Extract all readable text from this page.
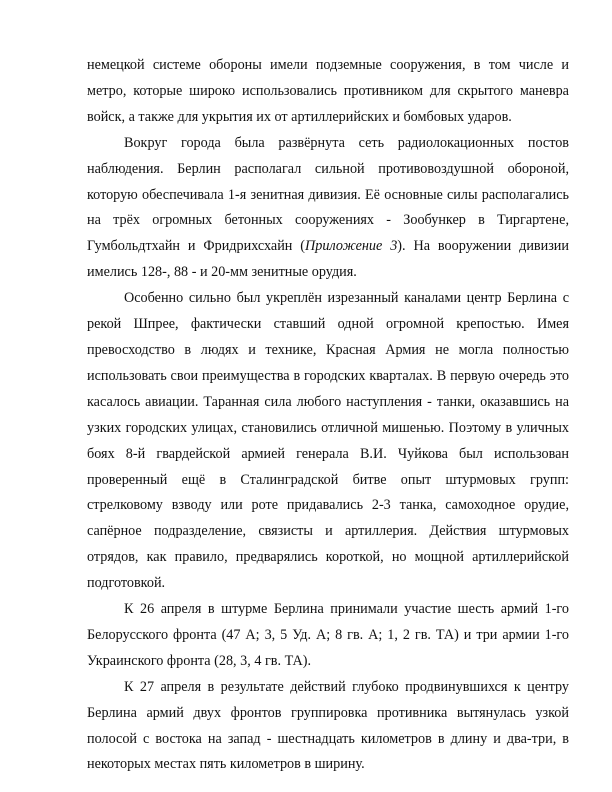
немецкой системе обороны имели подземные сооружения, в том числе и метро, которые широко использовались противником для скрытого маневра войск, а также для укрытия их от артиллерийских и бомбовых ударов.

Вокруг города была развёрнута сеть радиолокационных постов наблюдения. Берлин располагал сильной противовоздушной обороной, которую обеспечивала 1-я зенитная дивизия. Её основные силы располагались на трёх огромных бетонных сооружениях - Зообункер в Тиргартене, Гумбольдтхайн и Фридрихсхайн (Приложение 3). На вооружении дивизии имелись 128-, 88 - и 20-мм зенитные орудия.

Особенно сильно был укреплён изрезанный каналами центр Берлина с рекой Шпрее, фактически ставший одной огромной крепостью. Имея превосходство в людях и технике, Красная Армия не могла полностью использовать свои преимущества в городских кварталах. В первую очередь это касалось авиации. Таранная сила любого наступления - танки, оказавшись на узких городских улицах, становились отличной мишенью. Поэтому в уличных боях 8-й гвардейской армией генерала В.И. Чуйкова был использован проверенный ещё в Сталинградской битве опыт штурмовых групп: стрелковому взводу или роте придавались 2-3 танка, самоходное орудие, сапёрное подразделение, связисты и артиллерия. Действия штурмовых отрядов, как правило, предварялись короткой, но мощной артиллерийской подготовкой.

К 26 апреля в штурме Берлина принимали участие шесть армий 1-го Белорусского фронта (47 А; 3, 5 Уд. А; 8 гв. А; 1, 2 гв. ТА) и три армии 1-го Украинского фронта (28, 3, 4 гв. ТА).

К 27 апреля в результате действий глубоко продвинувшихся к центру Берлина армий двух фронтов группировка противника вытянулась узкой полосой с востока на запад - шестнадцать километров в длину и два-три, в некоторых местах пять километров в ширину.
